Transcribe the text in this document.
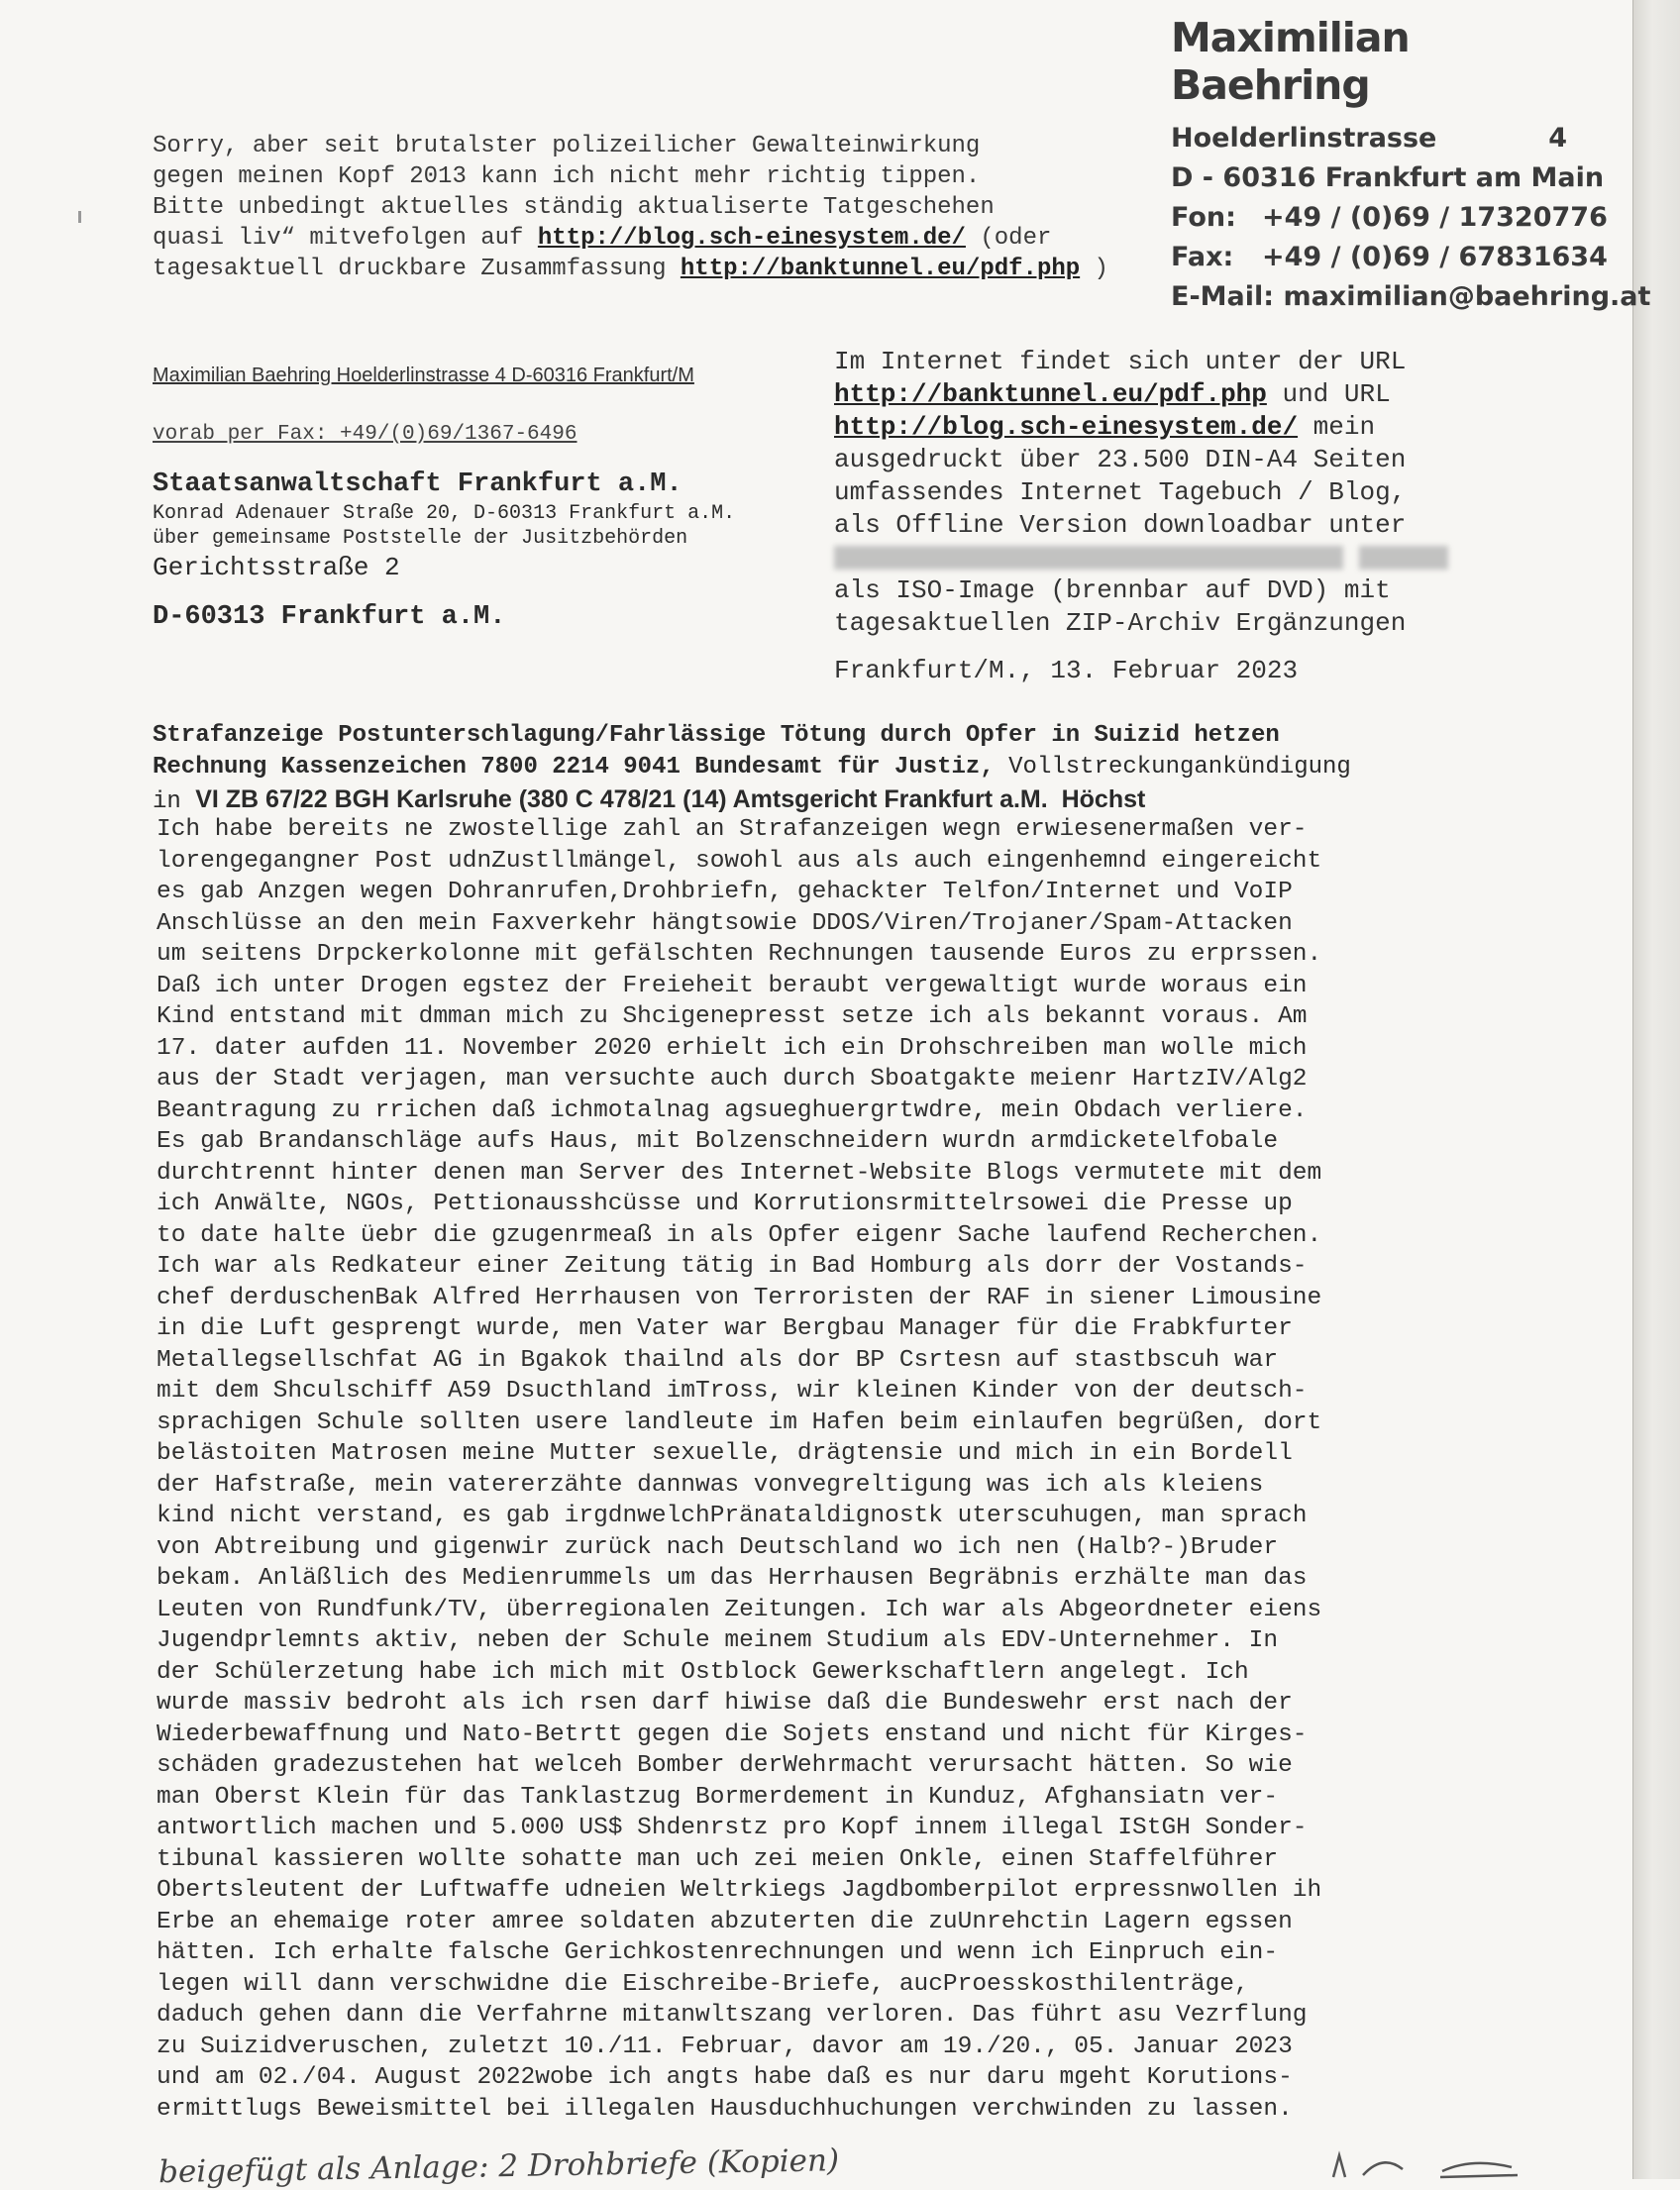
Maximilian Baehring
Hoelderlinstrasse	4
D - 60316 Frankfurt am Main
Fon: +49 / (0)69 / 17320776
Fax: +49 / (0)69 / 67831634
E-Mail: maximilian@baehring.at
Sorry, aber seit brutalster polizeilicher Gewalteinwirkung
gegen meinen Kopf 2013 kann ich nicht mehr richtig tippen.
Bitte unbedingt aktuelles ständig aktualiserte Tatgeschehen
quasi liv“ mitvefolgen auf http://blog.sch-einesystem.de/ (oder
tagesaktuell druckbare Zusammfassung http://banktunnel.eu/pdf.php )
Maximilian Baehring Hoelderlinstrasse 4 D-60316 Frankfurt/M
vorab per Fax: +49/(0)69/1367-6496
Staatsanwaltschaft Frankfurt a.M.
Konrad Adenauer Straße 20, D-60313 Frankfurt a.M.
über gemeinsame Poststelle der Jusitzbehörden
Gerichtsstraße 2
D-60313 Frankfurt a.M.
Im Internet findet sich unter der URL
http://banktunnel.eu/pdf.php und URL
http://blog.sch-einesystem.de/ mein
ausgedruckt über 23.500 DIN-A4 Seiten
umfassendes Internet Tagebuch / Blog,
als Offline Version downloadbar unter

als ISO-Image (brennbar auf DVD) mit
tagesaktuellen ZIP-Archiv Ergänzungen
Frankfurt/M., 13. Februar 2023
Strafanzeige Postunterschlagung/Fahrlässige Tötung durch Opfer in Suizid hetzen
Rechnung Kassenzeichen 7800 2214 9041 Bundesamt für Justiz, Vollstreckungankündigung
in VI ZB 67/22 BGH Karlsruhe (380 C 478/21 (14) Amtsgericht Frankfurt a.M.  Höchst
Ich habe bereits ne zwostellige zahl an Strafanzeigen wegn erwiesenermaßen ver-
lorengegangner Post udnZustllmängel, sowohl aus als auch eingenhemnd eingereicht
es gab Anzgen wegen Dohranrufen,Drohbriefn, gehackter Telfon/Internet und VoIP
Anschlüsse an den mein Faxverkehr hängtsowie DDOS/Viren/Trojaner/Spam-Attacken
um seitens Drpckerkolonne mit gefälschten Rechnungen tausende Euros zu erprssen.
Daß ich unter Drogen egstez der Freieheit beraubt vergewaltigt wurde woraus ein
Kind entstand mit dmman mich zu Shcigenepresst setze ich als bekannt voraus. Am
17. dater aufden 11. November 2020 erhielt ich ein Drohschreiben man wolle mich
aus der Stadt verjagen, man versuchte auch durch Sboatgakte meienr HartzIV/Alg2
Beantragung zu rrichen daß ichmotalnag agsueghuergrtwdre, mein Obdach verliere.
Es gab Brandanschläge aufs Haus, mit Bolzenschneidern wurdn armdicketelfobale
durchtrennt hinter denen man Server des Internet-Website Blogs vermutete mit dem
ich Anwälte, NGOs, Pettionausshcüsse und Korrutionsrmittelrsowei die Presse up
to date halte üebr die gzugenrmeaß in als Opfer eigenr Sache laufend Recherchen.
Ich war als Redkateur einer Zeitung tätig in Bad Homburg als dorr der Vostands-
chef derduschenBak Alfred Herrhausen von Terroristen der RAF in siener Limousine
in die Luft gesprengt wurde, men Vater war Bergbau Manager für die Frabkfurter
Metallegsellschfat AG in Bgakok thailnd als dor BP Csrtesn auf stastbscuh war
mit dem Shculschiff A59 Dsucthland imTross, wir kleinen Kinder von der deutsch-
sprachigen Schule sollten usere landleute im Hafen beim einlaufen begrüßen, dort
belästoiten Matrosen meine Mutter sexuelle, drägtensie und mich in ein Bordell
der Hafstraße, mein vatererzähte dannwas vonvegreltigung was ich als kleiens
kind nicht verstand, es gab irgdnwelchPränataldignostk uterscuhugen, man sprach
von Abtreibung und gigenwir zurück nach Deutschland wo ich nen (Halb?-)Bruder
bekam. Anläßlich des Medienrummels um das Herrhausen Begräbnis erzhälte man das
Leuten von Rundfunk/TV, überregionalen Zeitungen. Ich war als Abgeordneter eiens
Jugendprlemnts aktiv, neben der Schule meinem Studium als EDV-Unternehmer. In
der Schülerzetung habe ich mich mit Ostblock Gewerkschaftlern angelegt. Ich
wurde massiv bedroht als ich rsen darf hiwise daß die Bundeswehr erst nach der
Wiederbewaffnung und Nato-Betrtt gegen die Sojets enstand und nicht für Kirges-
schäden gradezustehen hat welceh Bomber derWehrmacht verursacht hätten. So wie
man Oberst Klein für das Tanklastzug Bormerdement in Kunduz, Afghansiatn ver-
antwortlich machen und 5.000 US$ Shdenrstz pro Kopf innem illegal IStGH Sonder-
tibunal kassieren wollte sohatte man uch zei meien Onkle, einen Staffelführer
Obertsleutent der Luftwaffe udneien Weltrkiegs Jagdbomberpilot erpressnwollen ih
Erbe an ehemaige roter amree soldaten abzuterten die zuUnrehctin Lagern egssen
hätten. Ich erhalte falsche Gerichkostenrechnungen und wenn ich Einpruch ein-
legen will dann verschwidne die Eischreibe-Briefe, aucProesskosthilenträge,
daduch gehen dann die Verfahrne mitanwltszang verloren. Das führt asu Vezrflung
zu Suizidveruschen, zuletzt 10./11. Februar, davor am 19./20., 05. Januar 2023
und am 02./04. August 2022wobe ich angts habe daß es nur daru mgeht Korutions-
ermittlugs Beweismittel bei illegalen Hausduchhuchungen verchwinden zu lassen.
beigefügt als Anlage: 2 Drohbriefe (Kopien)
